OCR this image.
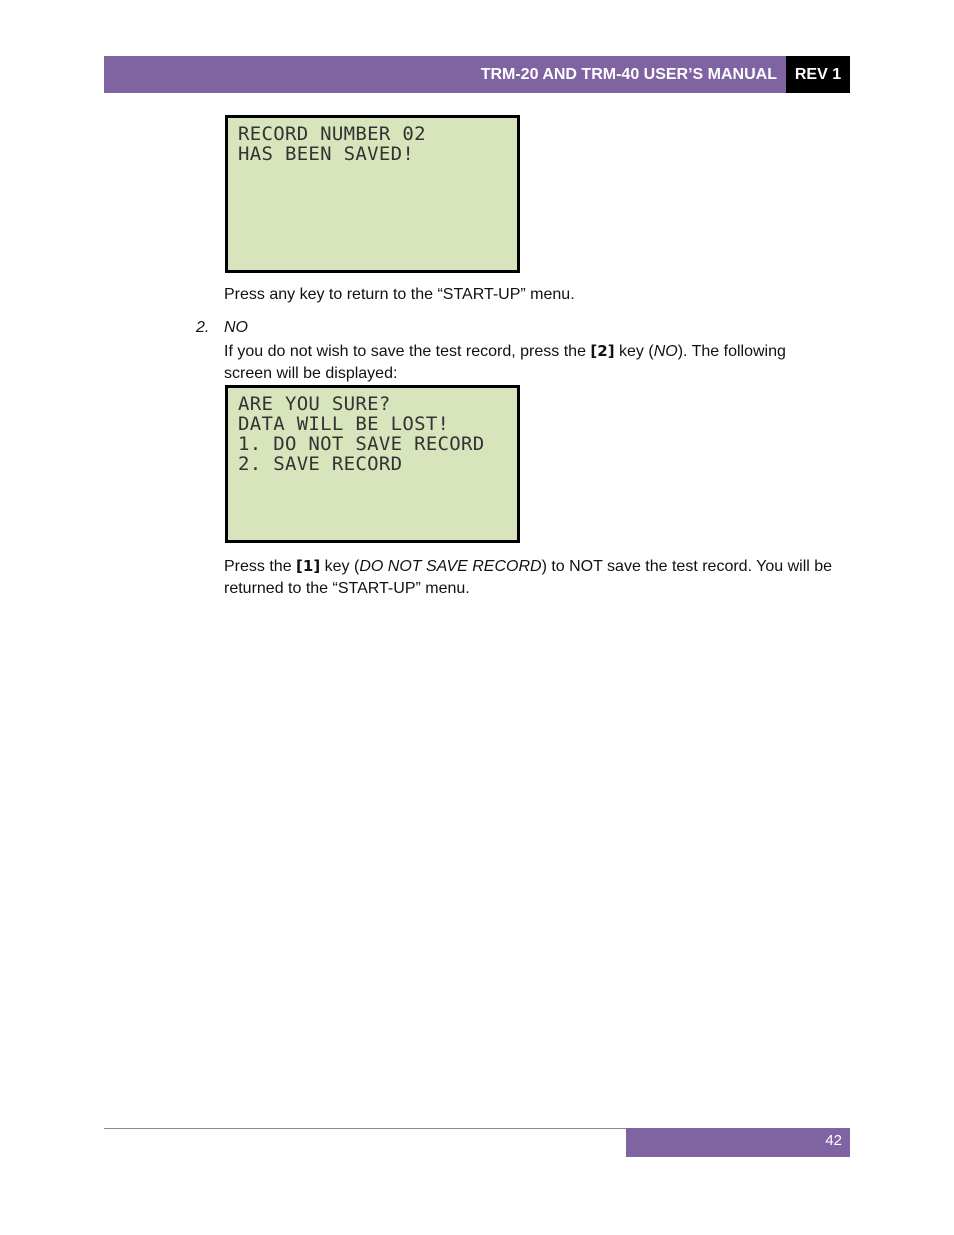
TRM-20 AND TRM-40 USER’S MANUAL	REV 1
RECORD NUMBER 02
HAS BEEN SAVED!
Press any key to return to the “START-UP” menu.
2. NO
If you do not wish to save the test record, press the [2] key (NO). The following screen will be displayed:
ARE YOU SURE?
DATA WILL BE LOST!
1. DO NOT SAVE RECORD
2. SAVE RECORD
Press the [1] key (DO NOT SAVE RECORD) to NOT save the test record. You will be returned to the “START-UP” menu.
42
